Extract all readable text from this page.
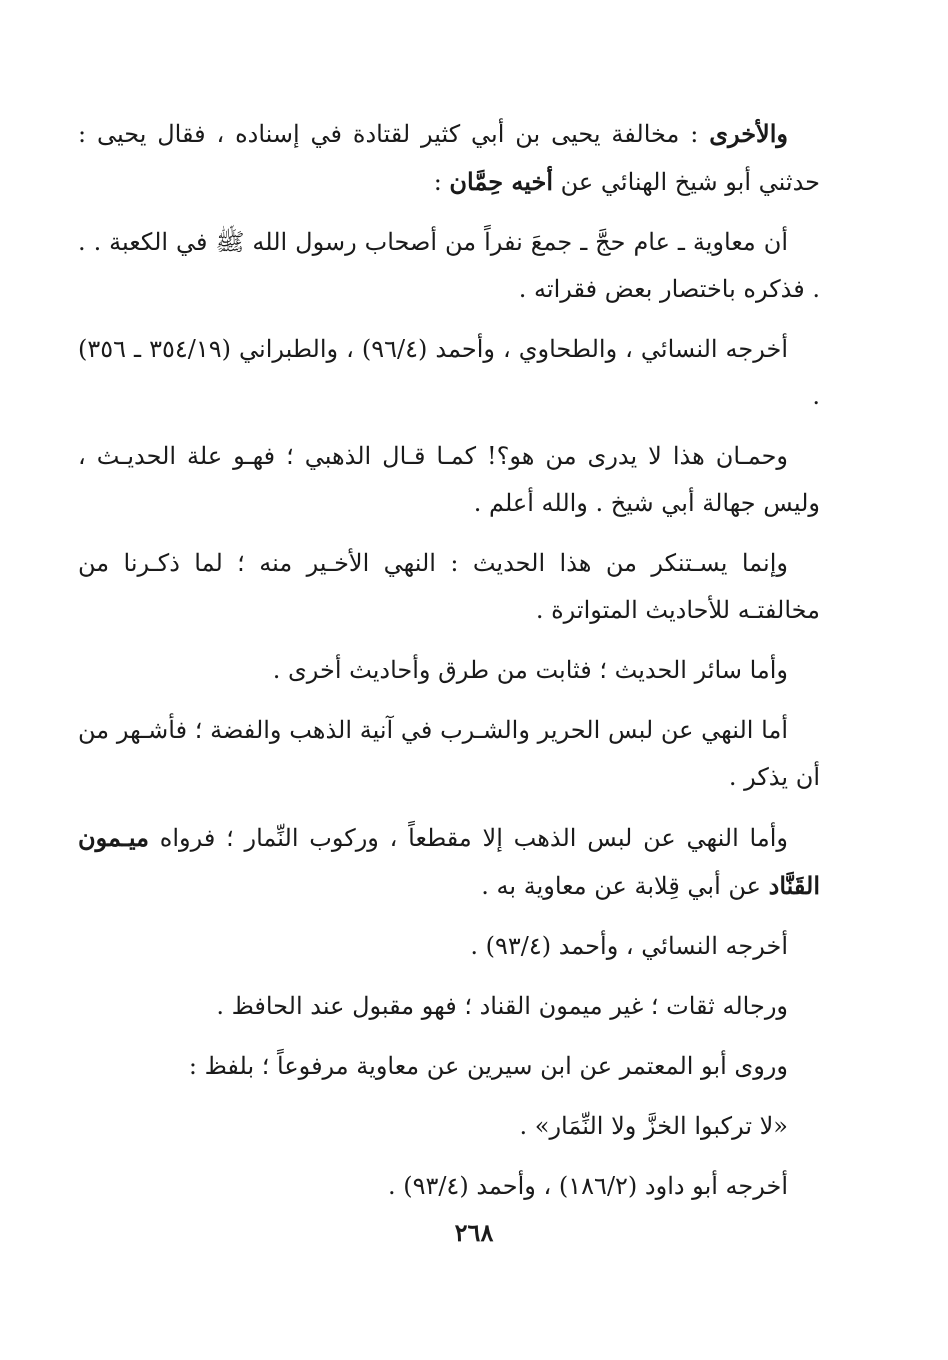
والأخرى : مخالفة يحيى بن أبي كثير لقتادة في إسناده ، فقال يحيى : حدثني أبو شيخ الهنائي عن أخيه حِمَّان :

أن معاوية ـ عام حجَّ ـ جمعَ نفراً من أصحاب رسول الله ﷺ في الكعبة . . . فذكره باختصار بعض فقراته .

أخرجه النسائي ، والطحاوي ، وأحمد (٩٦/٤) ، والطبراني (٣٥٤/١٩ ـ ٣٥٦) .

وحمـان هذا لا يدرى من هو؟! كمـا قـال الذهبي ؛ فهـو علة الحديـث ، وليس جهالة أبي شيخ . والله أعلم .

وإنما يسـتنكر من هذا الحديث : النهي الأخـير منه ؛ لما ذكـرنا من مخالفتـه للأحاديث المتواترة .

وأما سائر الحديث ؛ فثابت من طرق وأحاديث أخرى .

أما النهي عن لبس الحرير والشـرب في آنية الذهب والفضة ؛ فأشـهر من أن يذكر .

وأما النهي عن لبس الذهب إلا مقطعاً ، وركوب النِّمار ؛ فرواه ميـمون القَنَّاد عن أبي قِلابة عن معاوية به .

أخرجه النسائي ، وأحمد (٩٣/٤) .

ورجاله ثقات ؛ غير ميمون القناد ؛ فهو مقبول عند الحافظ .

وروى أبو المعتمر عن ابن سيرين عن معاوية مرفوعاً ؛ بلفظ :

«لا تركبوا الخزَّ ولا النِّمَار» .

أخرجه أبو داود (١٨٦/٢) ، وأحمد (٩٣/٤) .

٢٦٨
